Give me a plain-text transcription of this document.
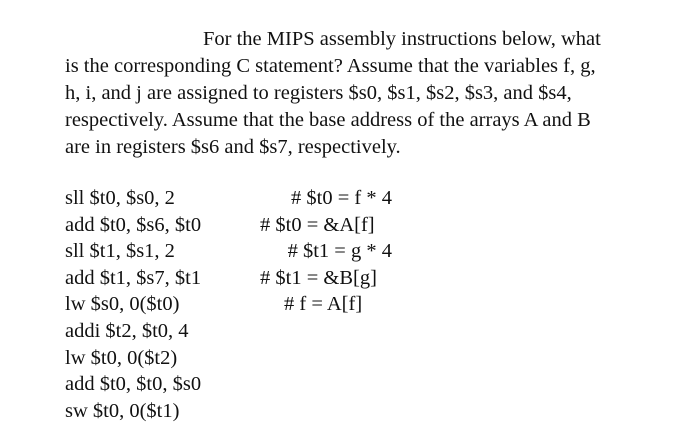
For the MIPS assembly instructions below, what
is the corresponding C statement? Assume that the variables f, g,
h, i, and j are assigned to registers $s0, $s1, $s2, $s3, and $s4,
respectively. Assume that the base address of the arrays A and B
are in registers $s6 and $s7, respectively.
sll $t0, $s0, 2
add $t0, $s6, $t0
sll $t1, $s1, 2
add $t1, $s7, $t1
lw $s0, 0($t0)
addi $t2, $t0, 4
lw $t0, 0($t2)
add $t0, $t0, $s0
sw $t0, 0($t1)
# $t0 = f * 4
# $t0 = &A[f]
# $t1 = g * 4
# $t1 = &B[g]
# f = A[f]
